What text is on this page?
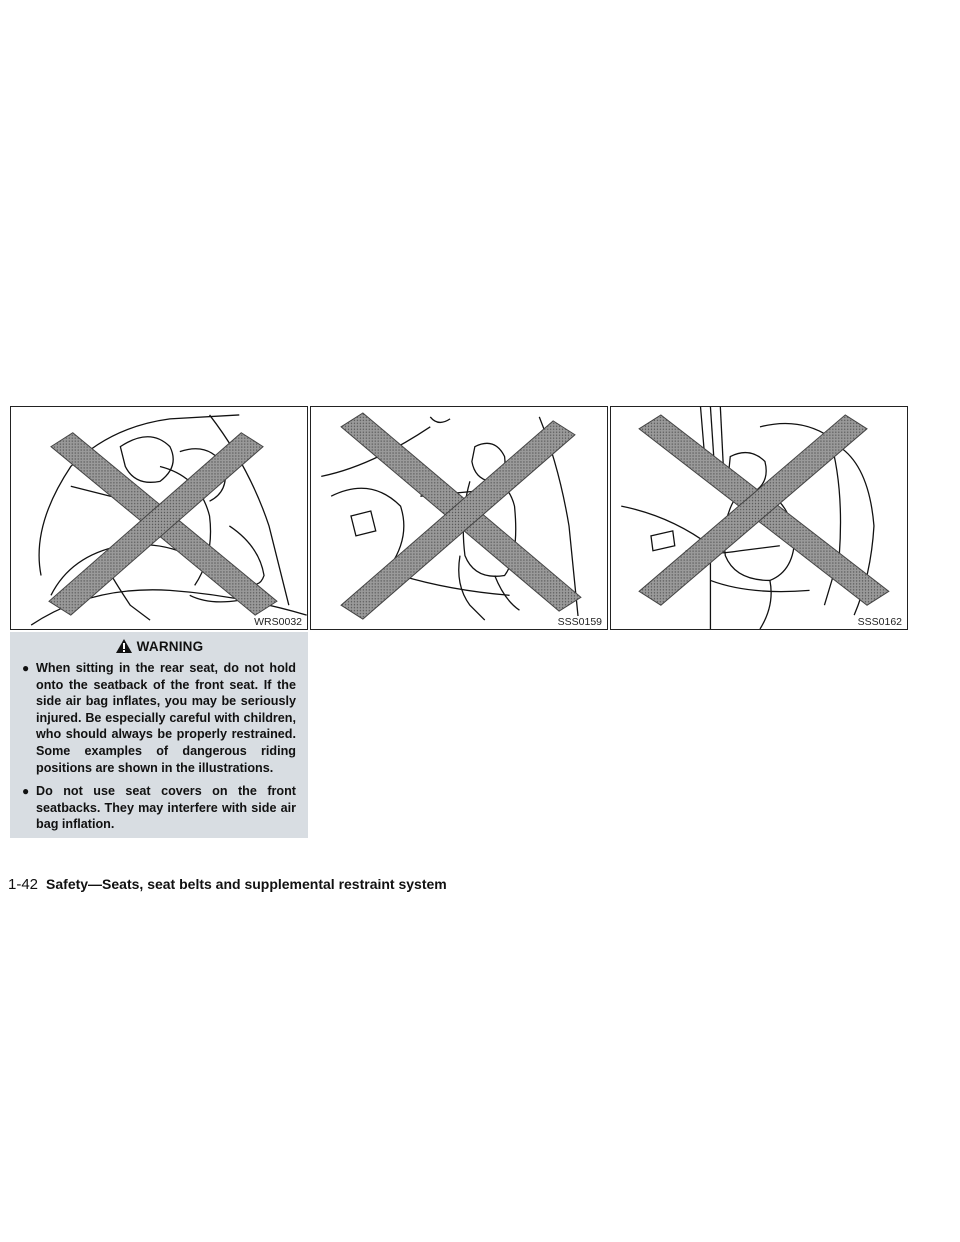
WRS0032	SSS0159	SSS0162
WARNING
● When sitting in the rear seat, do not hold onto the seatback of the front seat. If the side air bag inflates, you may be seriously injured. Be especially careful with children, who should always be properly restrained. Some examples of dangerous riding positions are shown in the illustrations.
● Do not use seat covers on the front seatbacks. They may interfere with side air bag inflation.
1-42 Safety—Seats, seat belts and supplemental restraint system
